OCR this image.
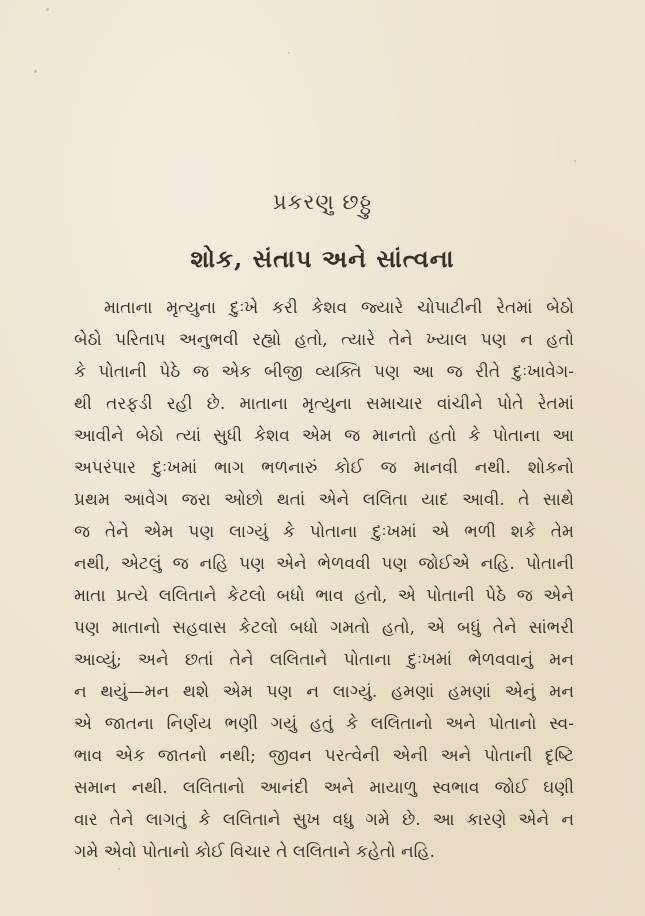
પ્રકરણુ છઠ્ઠુ
શોક, સંતાપ અને સાંત્વના
માતાના મૃત્યુના દુઃખે કરી કેશવ જ્યારે ચોપાટીની રેતમાં બેઠો
બેઠો પરિતાપ અનુભવી રહ્યો હતો, ત્યારે તેને ખ્યાલ પણ ન હતો
કે પોતાની પેઠે જ એક બીજી વ્યક્તિ પણ આ જ રીતે દુઃખાવેગ-
થી તરફડી રહી છે. માતાના મૃત્યુના સમાચાર વાંચીને પોતે રેતમાં
આવીને બેઠો ત્યાં સુધી કેશવ એમ જ માનતો હતો કે પોતાના આ
અપરંપાર દુઃખમાં ભાગ ભળનારું કોઈ જ માનવી નથી. શોકનો
પ્રથમ આવેગ જરા ઓછો થતાં એને લલિતા યાદ આવી. તે સાથે
જ તેને એમ પણ લાગ્યું કે પોતાના દુઃખમાં એ ભળી શકે તેમ
નથી, એટલું જ નહિ પણ એને ભેળવવી પણ જોઈએ નહિ. પોતાની
માતા પ્રત્યે લલિતાને કેટલો બધો ભાવ હતો, એ પોતાની પેઠે જ એને
પણ માતાનો સહવાસ કેટલો બધો ગમતો હતો, એ બધું તેને સાંભરી
આવ્યું; અને છતાં તેને લલિતાને પોતાના દુઃખમાં ભેળવવાનું મન
ન થયું—મન થશે એમ પણ ન લાગ્યું. હમણાં હમણાં એનું મન
એ જાતના નિર્ણય ભણી ગયું હતું કે લલિતાનો અને પોતાનો સ્વ-
ભાવ એક જાતનો નથી; જીવન પરત્વેની એની અને પોતાની દૃષ્ટિ
સમાન નથી. લલિતાનો આનંદી અને માયાળુ સ્વભાવ જોઈ ઘણી
વાર તેને લાગતું કે લલિતાને સુખ વધુ ગમે છે. આ કારણે એને ન
ગમે એવો પોતાનો કોઈ વિચાર તે લલિતાને કહેતો નહિ.
